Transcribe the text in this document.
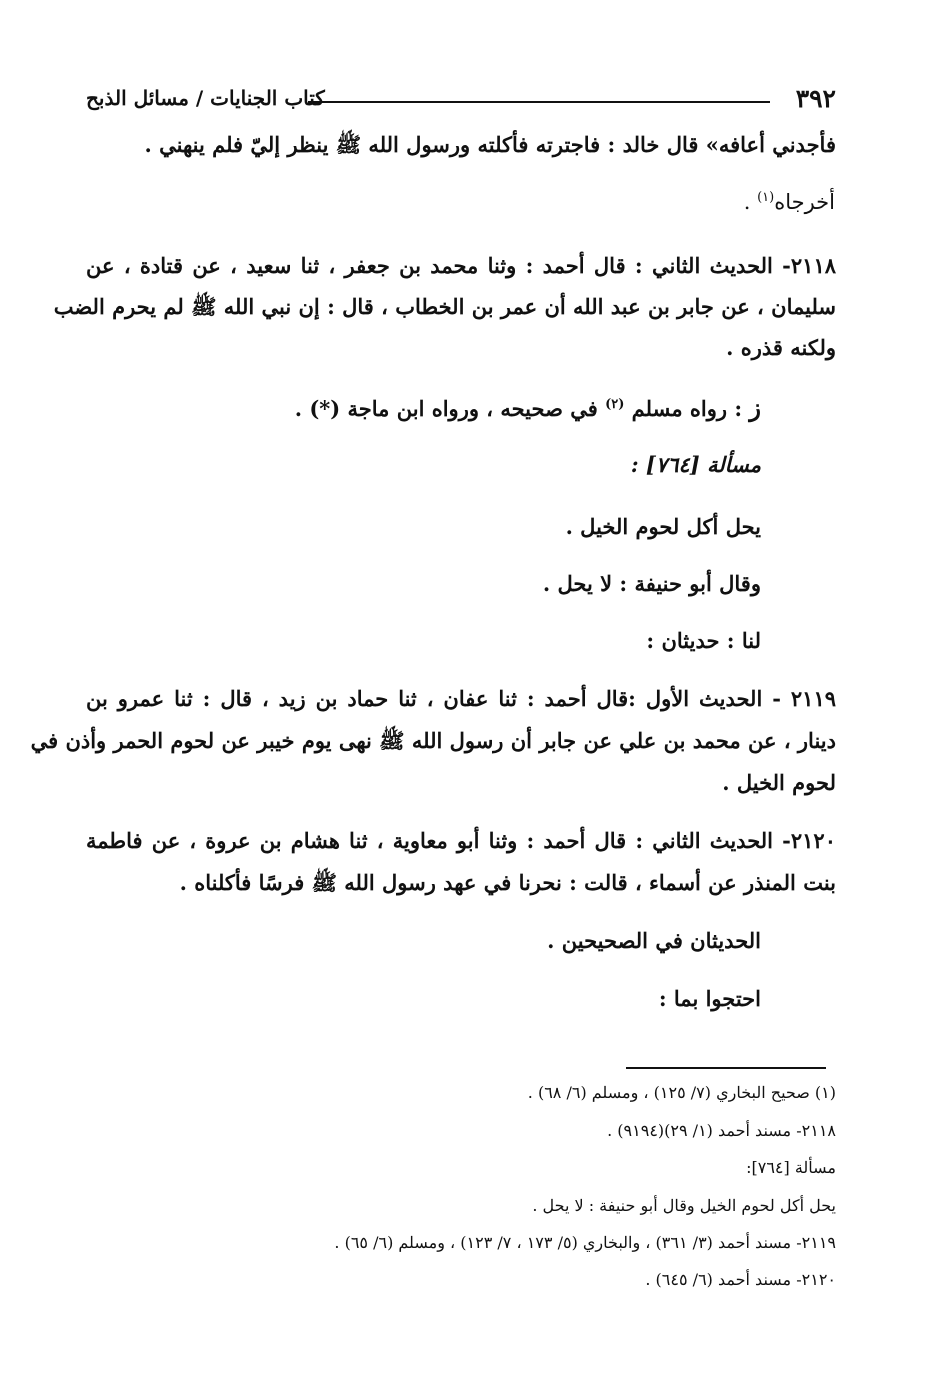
٣٩٢
كتاب الجنايات / مسائل الذبح
فأجدني أعافه» قال خالد : فاجترته فأكلته ورسول الله ﷺ ينظر إليّ فلم ينهني .
أخرجاه$^{(١)}$ .
٢١١٨- الحديث الثاني : قال أحمد : وثنا محمد بن جعفر ، ثنا سعيد ، عن قتادة ، عن
سليمان ، عن جابر بن عبد الله أن عمر بن الخطاب ، قال : إن نبي الله ﷺ لم يحرم الضب
ولكنه قذره .
ز : رواه مسلم $^{(٢)}$ في صحيحه ، ورواه ابن ماجة (*) .
مسألة [٧٦٤] :
يحل أكل لحوم الخيل .
وقال أبو حنيفة : لا يحل .
لنا : حديثان :
٢١١٩ - الحديث الأول :قال أحمد : ثنا عفان ، ثنا حماد بن زيد ، قال : ثنا عمرو بن
دينار ، عن محمد بن علي عن جابر أن رسول الله ﷺ نهى يوم خيبر عن لحوم الحمر وأذن في
لحوم الخيل .
٢١٢٠- الحديث الثاني : قال أحمد : وثنا أبو معاوية ، ثنا هشام بن عروة ، عن فاطمة
بنت المنذر عن أسماء ، قالت : نحرنا في عهد رسول الله ﷺ فرسًا فأكلناه .
الحديثان في الصحيحين .
احتجوا بما :
(١) صحيح البخاري (٧/ ١٢٥) ، ومسلم (٦/ ٦٨) .
٢١١٨- مسند أحمد (١/ ٢٩)(٩١٩٤) .
مسألة [٧٦٤]:
يحل أكل لحوم الخيل وقال أبو حنيفة : لا يحل .
٢١١٩- مسند أحمد (٣/ ٣٦١) ، والبخاري (٥/ ١٧٣ ، ٧/ ١٢٣) ، ومسلم (٦/ ٦٥) .
٢١٢٠- مسند أحمد (٦/ ٦٤٥) .
